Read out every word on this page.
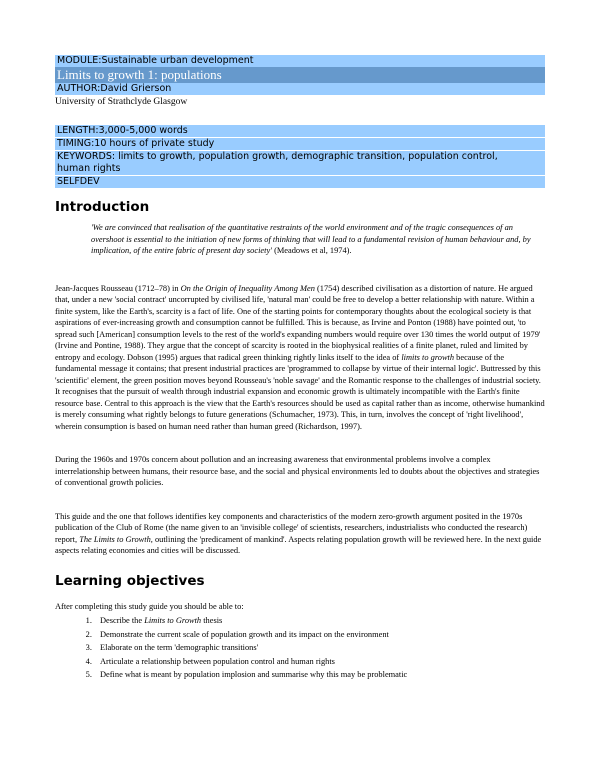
MODULE:Sustainable urban development
Limits to growth 1: populations
AUTHOR:David Grierson
University of Strathclyde Glasgow
LENGTH:3,000-5,000 words
TIMING:10 hours of private study
KEYWORDS: limits to growth, population growth, demographic transition, population control,
human rights
SELFDEV
Introduction
'We are convinced that realisation of the quantitative restraints of the world environment and of the tragic consequences of an overshoot is essential to the initiation of new forms of thinking that will lead to a fundamental revision of human behaviour and, by implication, of the entire fabric of present day society' (Meadows et al, 1974).

Jean-Jacques Rousseau (1712–78) in On the Origin of Inequality Among Men (1754) described civilisation as a distortion of nature. He argued that, under a new 'social contract' uncorrupted by civilised life, 'natural man' could be free to develop a better relationship with nature. Within a finite system, like the Earth's, scarcity is a fact of life. One of the starting points for contemporary thoughts about the ecological society is that aspirations of ever-increasing growth and consumption cannot be fulfilled. This is because, as Irvine and Ponton (1988) have pointed out, 'to spread such [American] consumption levels to the rest of the world's expanding numbers would require over 130 times the world output of 1979' (Irvine and Pontine, 1988). They argue that the concept of scarcity is rooted in the biophysical realities of a finite planet, ruled and limited by entropy and ecology. Dobson (1995) argues that radical green thinking rightly links itself to the idea of limits to growth because of the fundamental message it contains; that present industrial practices are 'programmed to collapse by virtue of their internal logic'. Buttressed by this 'scientific' element, the green position moves beyond Rousseau's 'noble savage' and the Romantic response to the challenges of industrial society. It recognises that the pursuit of wealth through industrial expansion and economic growth is ultimately incompatible with the Earth's finite resource base. Central to this approach is the view that the Earth's resources should be used as capital rather than as income, otherwise humankind is merely consuming what rightly belongs to future generations (Schumacher, 1973). This, in turn, involves the concept of 'right livelihood', wherein consumption is based on human need rather than human greed (Richardson, 1997).

During the 1960s and 1970s concern about pollution and an increasing awareness that environmental problems involve a complex interrelationship between humans, their resource base, and the social and physical environments led to doubts about the objectives and strategies of conventional growth policies.

This guide and the one that follows identifies key components and characteristics of the modern zero-growth argument posited in the 1970s publication of the Club of Rome (the name given to an 'invisible college' of scientists, researchers, industrialists who conducted the research) report, The Limits to Growth, outlining the 'predicament of mankind'. Aspects relating population growth will be reviewed here. In the next guide aspects relating economies and cities will be discussed.

Learning objectives

After completing this study guide you should be able to:

1. Describe the Limits to Growth thesis
2. Demonstrate the current scale of population growth and its impact on the environment
3. Elaborate on the term 'demographic transitions'
4. Articulate a relationship between population control and human rights
5. Define what is meant by population implosion and summarise why this may be problematic
